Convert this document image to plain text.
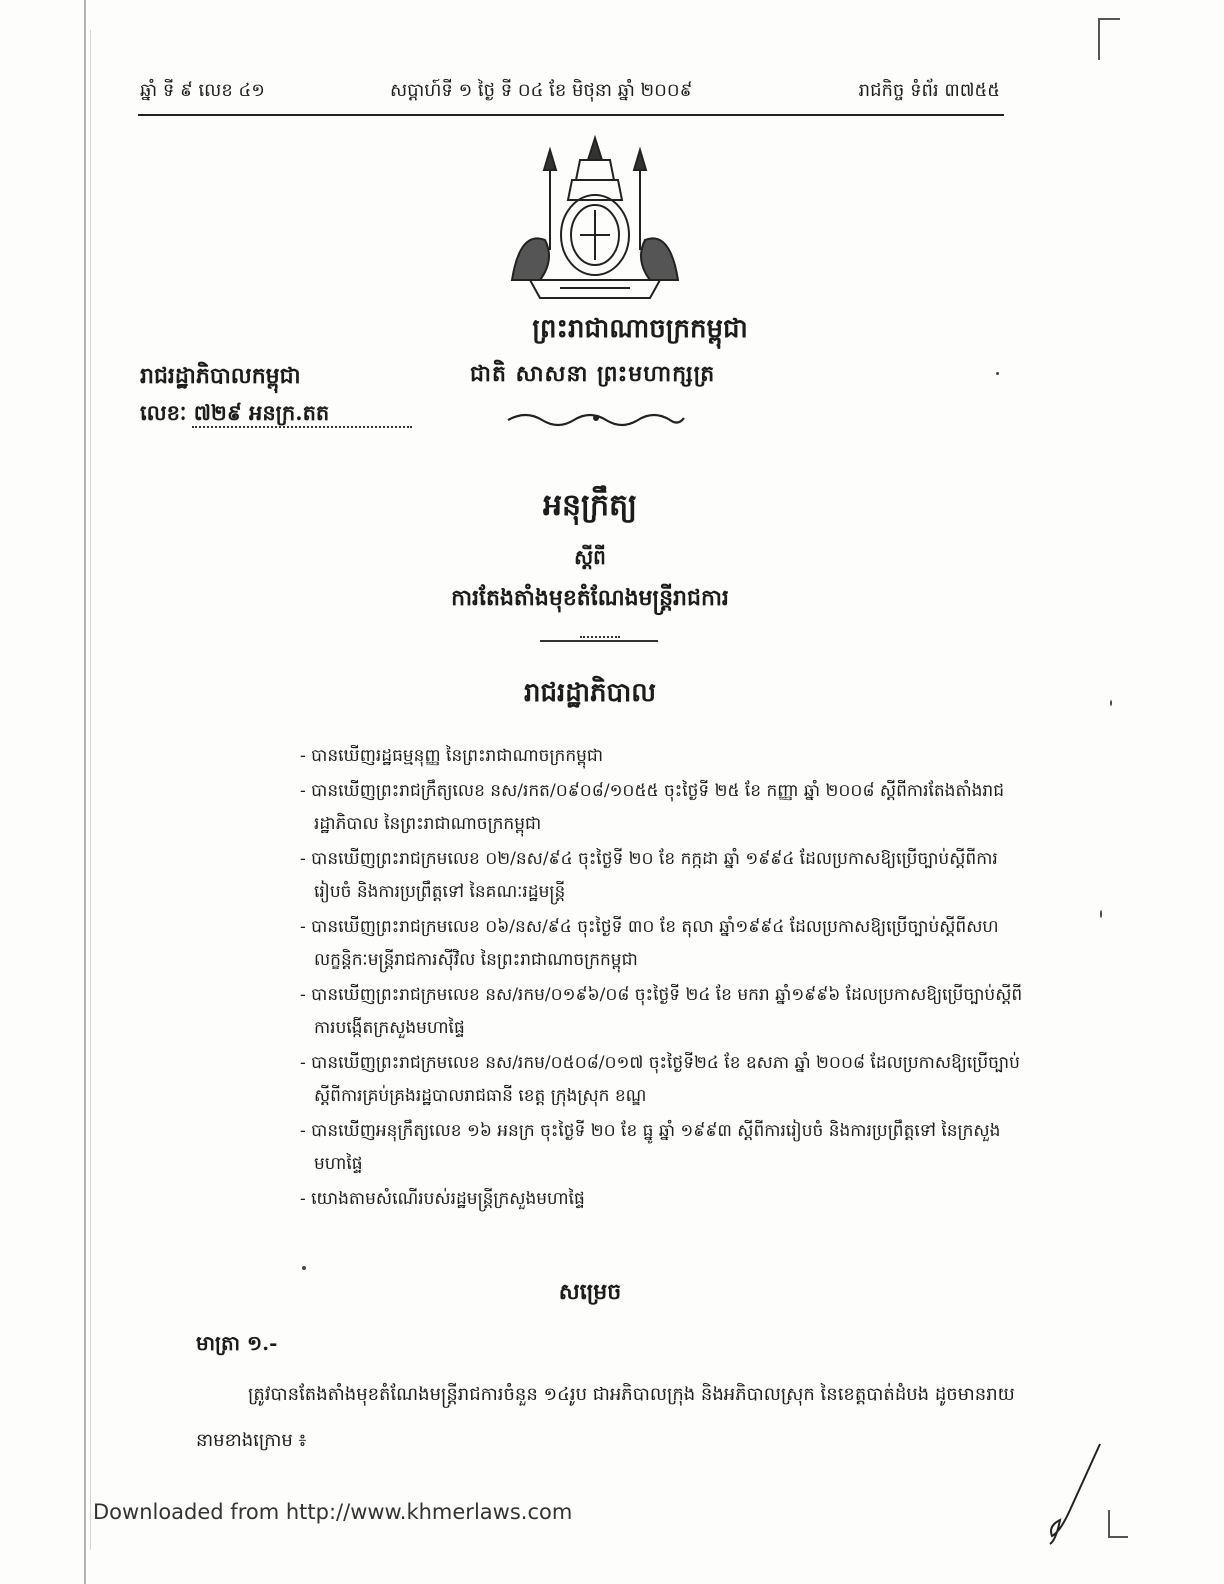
ឆ្នាំ ទី ៩ លេខ ៤១	សប្តាហ៍ទី ១ ថ្ងៃ ទី ០៤ ខែ មិថុនា ឆ្នាំ ២០០៩	រាជកិច្ច ទំព័រ ៣៧៥៥
ព្រះរាជាណាចក្រកម្ពុជា
រាជរដ្ឋាភិបាលកម្ពុជា	ជាតិ សាសនា ព្រះមហាក្សត្រ
លេខៈ ៧២៩ អនក្រ.តត
អនុក្រឹត្យ
ស្តីពី
ការតែងតាំងមុខតំណែងមន្ត្រីរាជការ
រាជរដ្ឋាភិបាល
- បានឃើញរដ្ឋធម្មនុញ្ញ នៃព្រះរាជាណាចក្រកម្ពុជា
- បានឃើញព្រះរាជក្រឹត្យលេខ នស/រកត/០៩០៨/១០៥៥ ចុះថ្ងៃទី ២៥ ខែ កញ្ញា ឆ្នាំ ២០០៨ ស្តីពីការតែងតាំងរាជរដ្ឋាភិបាល នៃព្រះរាជាណាចក្រកម្ពុជា
- បានឃើញព្រះរាជក្រមលេខ ០២/នស/៩៤ ចុះថ្ងៃទី ២០ ខែ កក្កដា ឆ្នាំ ១៩៩៤ ដែលប្រកាសឱ្យប្រើច្បាប់ស្តីពីការរៀបចំ និងការប្រព្រឹត្តទៅ នៃគណៈរដ្ឋមន្ត្រី
- បានឃើញព្រះរាជក្រមលេខ ០៦/នស/៩៤ ចុះថ្ងៃទី ៣០ ខែ តុលា ឆ្នាំ១៩៩៤ ដែលប្រកាសឱ្យប្រើច្បាប់ស្តីពីសហលក្ខន្តិកៈមន្ត្រីរាជការស៊ីវិល នៃព្រះរាជាណាចក្រកម្ពុជា
- បានឃើញព្រះរាជក្រមលេខ នស/រកម/០១៩៦/០៨ ចុះថ្ងៃទី ២៤ ខែ មករា ឆ្នាំ១៩៩៦ ដែលប្រកាសឱ្យប្រើច្បាប់ស្តីពីការបង្កើតក្រសួងមហាផ្ទៃ
- បានឃើញព្រះរាជក្រមលេខ នស/រកម/០៥០៨/០១៧ ចុះថ្ងៃទី២៤ ខែ ឧសភា ឆ្នាំ ២០០៨ ដែលប្រកាសឱ្យប្រើច្បាប់ស្តីពីការគ្រប់គ្រងរដ្ឋបាលរាជធានី ខេត្ត ក្រុងស្រុក ខណ្ឌ
- បានឃើញអនុក្រឹត្យលេខ ១៦ អនក្រ ចុះថ្ងៃទី ២០ ខែ ធ្នូ ឆ្នាំ ១៩៩៣ ស្តីពីការរៀបចំ និងការប្រព្រឹត្តទៅ នៃក្រសួងមហាផ្ទៃ
- យោងតាមសំណើរបស់រដ្ឋមន្ត្រីក្រសួងមហាផ្ទៃ
សម្រេច
មាត្រា ១.-

ត្រូវបានតែងតាំងមុខតំណែងមន្ត្រីរាជការចំនួន ១៤រូប ជាអភិបាលក្រុង និងអភិបាលស្រុក នៃខេត្តបាត់ដំបង ដូចមានរាយនាមខាងក្រោម ៖

Downloaded from http://www.khmerlaws.com
